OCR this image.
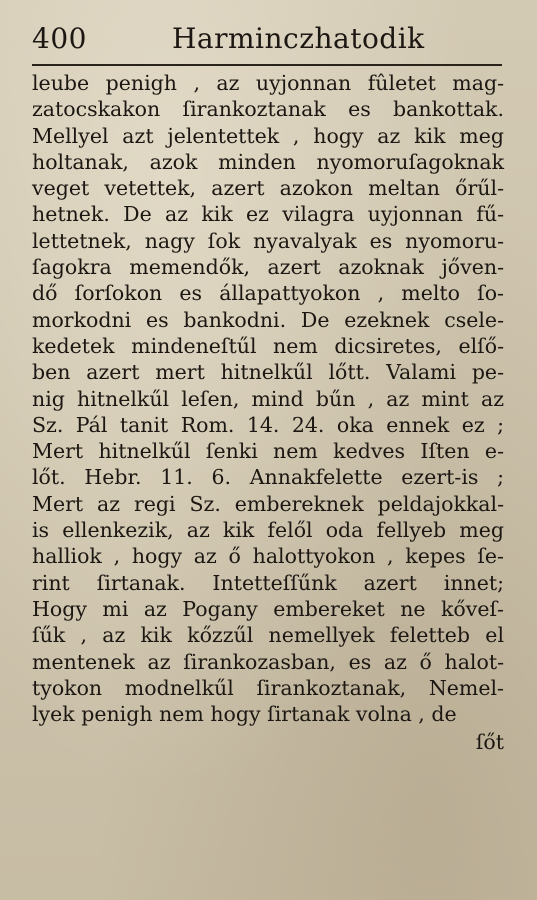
400	Harminczhatodik
leube penigh , az uyjonnan fûletet mag-
zatocskakon ſirankoztanak es bankottak.
Mellyel azt jelentettek , hogy az kik meg
holtanak, azok minden nyomoruſagoknak
veget vetettek, azert azokon meltan őrűl-
hetnek. De az kik ez vilagra uyjonnan fű-
lettetnek, nagy ſok nyavalyak es nyomoru-
ſagokra memendők, azert azoknak jőven-
dő ſorſokon es állapattyokon , melto ſo-
morkodni es bankodni. De ezeknek csele-
kedetek mindeneſtűl nem dicsiretes, elſő-
ben azert mert hitnelkűl lőtt. Valami pe-
nig hitnelkűl leſen, mind bűn , az mint az
Sz. Pál tanit Rom. 14. 24. oka ennek ez ;
Mert hitnelkűl ſenki nem kedves Iſten e-
lőt. Hebr. 11. 6. Annakfelette ezert-is ;
Mert az regi Sz. embereknek peldajokkal-
is ellenkezik, az kik felől oda fellyeb meg
halliok , hogy az ő halottyokon , kepes ſe-
rint ſirtanak. Intetteſſűnk azert innet;
Hogy mi az Pogany embereket ne kőveſ-
ſűk , az kik kőzzűl nemellyek feletteb el
mentenek az ſirankozasban, es az ő halot-
tyokon modnelkűl ſirankoztanak, Nemel-
lyek penigh nem hogy ſirtanak volna , de
ſőt
